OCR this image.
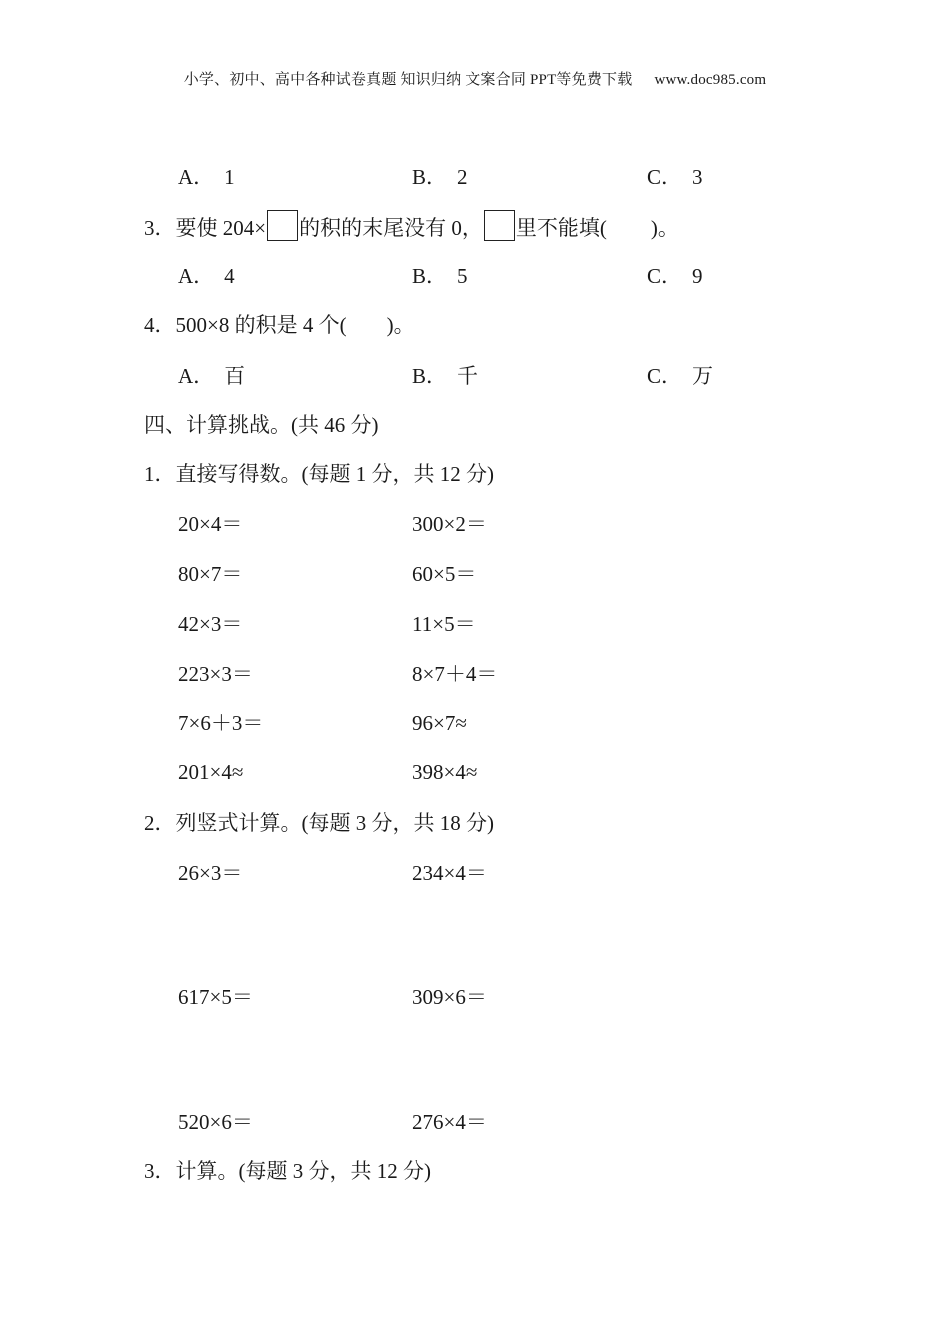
小学、初中、高中各种试卷真题 知识归纳 文案合同 PPT等免费下载 www.doc985.com
A． 1	B． 2	C． 3
3．要使 204× 的积的末尾没有 0， 里不能填( )。
A． 4	B． 5	C． 9
4．500×8 的积是 4 个( )。
A． 百	B． 千	C． 万
四、计算挑战。(共 46 分)
1．直接写得数。(每题 1 分，共 12 分)
20×4＝	300×2＝
80×7＝	60×5＝
42×3＝	11×5＝
223×3＝	8×7＋4＝
7×6＋3＝	96×7≈
201×4≈	398×4≈
2．列竖式计算。(每题 3 分，共 18 分)
26×3＝	234×4＝
617×5＝	309×6＝
520×6＝	276×4＝
3．计算。(每题 3 分，共 12 分)
